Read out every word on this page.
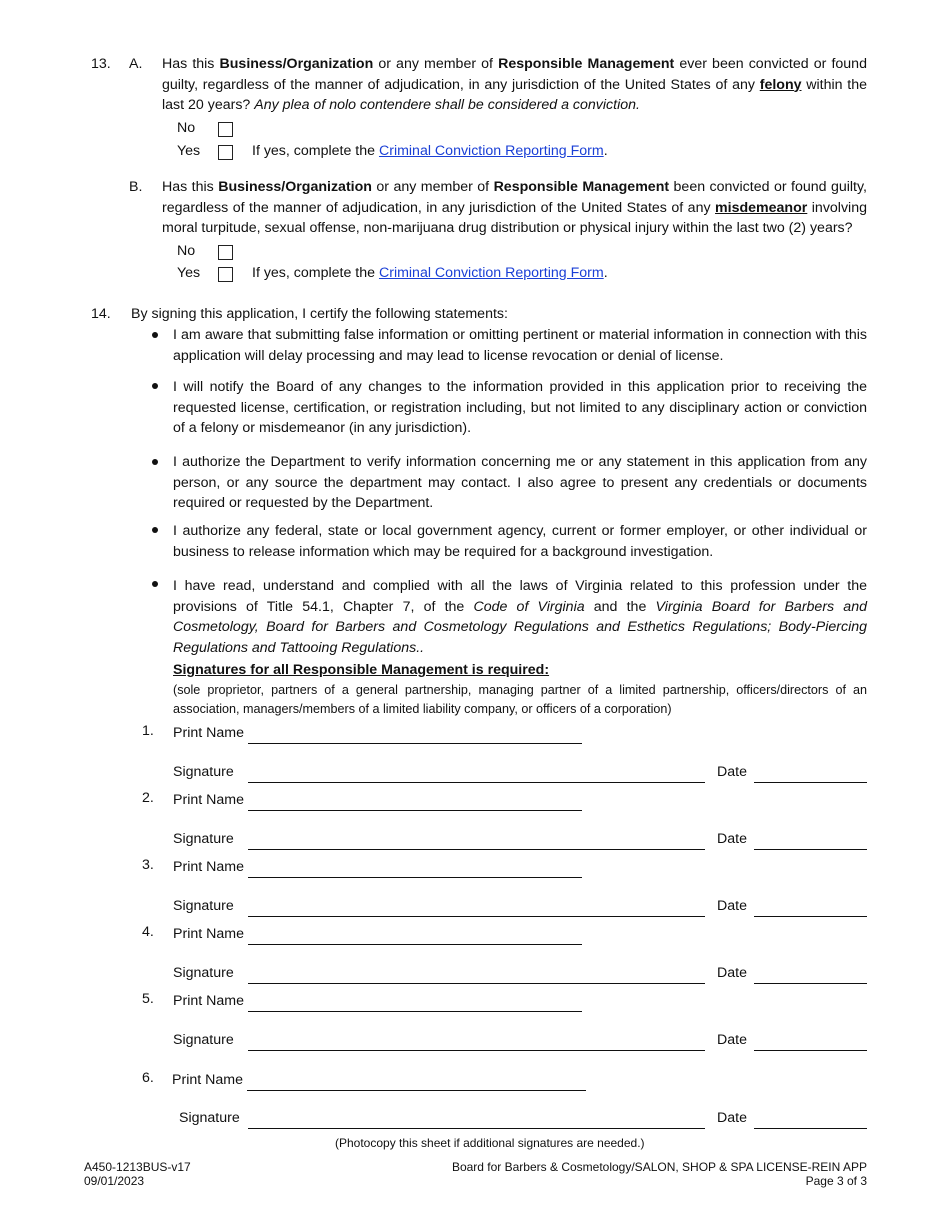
13. A. Has this Business/Organization or any member of Responsible Management ever been convicted or found guilty, regardless of the manner of adjudication, in any jurisdiction of the United States of any felony within the last 20 years? Any plea of nolo contendere shall be considered a conviction.
No
Yes	If yes, complete the Criminal Conviction Reporting Form.
B. Has this Business/Organization or any member of Responsible Management been convicted or found guilty, regardless of the manner of adjudication, in any jurisdiction of the United States of any misdemeanor involving moral turpitude, sexual offense, non-marijuana drug distribution or physical injury within the last two (2) years?
No
Yes	If yes, complete the Criminal Conviction Reporting Form.
14. By signing this application, I certify the following statements:
I am aware that submitting false information or omitting pertinent or material information in connection with this application will delay processing and may lead to license revocation or denial of license.
I will notify the Board of any changes to the information provided in this application prior to receiving the requested license, certification, or registration including, but not limited to any disciplinary action or conviction of a felony or misdemeanor (in any jurisdiction).
I authorize the Department to verify information concerning me or any statement in this application from any person, or any source the department may contact. I also agree to present any credentials or documents required or requested by the Department.
I authorize any federal, state or local government agency, current or former employer, or other individual or business to release information which may be required for a background investigation.
I have read, understand and complied with all the laws of Virginia related to this profession under the provisions of Title 54.1, Chapter 7, of the Code of Virginia and the Virginia Board for Barbers and Cosmetology, Board for Barbers and Cosmetology Regulations and Esthetics Regulations; Body-Piercing Regulations and Tattooing Regulations..
Signatures for all Responsible Management is required:
(sole proprietor, partners of a general partnership, managing partner of a limited partnership, officers/directors of an association, managers/members of a limited liability company, or officers of a corporation)
1. Print Name
Signature	Date
2. Print Name
Signature	Date
3. Print Name
Signature	Date
4. Print Name
Signature	Date
5. Print Name
Signature	Date
6. Print Name
Signature	Date
(Photocopy this sheet if additional signatures are needed.)
A450-1213BUS-v17
09/01/2023
Board for Barbers & Cosmetology/SALON, SHOP & SPA LICENSE-REIN APP
Page 3 of 3
